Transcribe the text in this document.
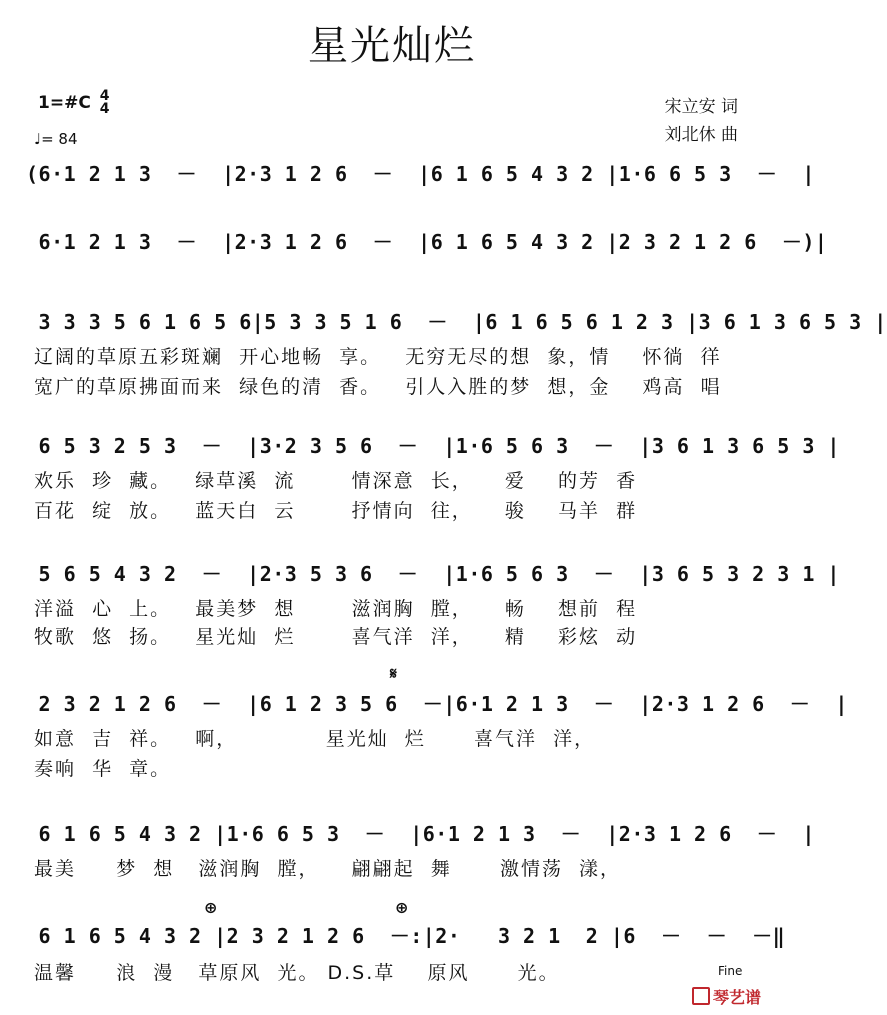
星光灿烂
1=#C 4
4
♩= 84
宋立安 词
刘北休 曲
(6·1 2 1 3  －  |2·3 1 2 6  －  |6 1 6 5 4 3 2 |1·6 6 5 3  －  |
6·1 2 1 3  －  |2·3 1 2 6  －  |6 1 6 5 4 3 2 |2 3 2 1 2 6  －)|
3 3 3 5 6 1 6 5 6|5 3 3 5 1 6  －  |6 1 6 5 6 1 2 3 |3 6 1 3 6 5 3 |
6 5 3 2 5 3  －  |3·2 3 5 6  －  |1·6 5 6 3  －  |3 6 1 3 6 5 3 |
5 6 5 4 3 2  －  |2·3 5 3 6  －  |1·6 5 6 3  －  |3 6 5 3 2 3 1 |
2 3 2 1 2 6  －  |6 1 2 3 5 6  －|6·1 2 1 3  －  |2·3 1 2 6  －  |
6 1 6 5 4 3 2 |1·6 6 5 3  －  |6·1 2 1 3  －  |2·3 1 2 6  －  |
6 1 6 5 4 3 2 |2 3 2 1 2 6  －:|2·   3 2 1  2 |6  －  －  －‖
辽阔的草原五彩斑斓  开心地畅  享。   无穷无尽的想  象，情    怀徜  徉
宽广的草原拂面而来  绿色的清  香。   引人入胜的梦  想，金    鸡高  唱
欢乐  珍  藏。   绿草溪  流       情深意  长，    爱    的芳  香
百花  绽  放。   蓝天白  云       抒情向  往，    骏    马羊  群
洋溢  心  上。   最美梦  想       滋润胸  膛，    畅    想前  程
牧歌  悠  扬。   星光灿  烂       喜气洋  洋，    精    彩炫  动
如意  吉  祥。   啊，           星光灿  烂      喜气洋  洋，
奏响  华  章。
最美     梦  想   滋润胸  膛，    翩翩起  舞      激情荡  漾，
温馨     浪  漫   草原风  光。 D.S.草    原风      光。
𝄋
⊕	⊕
Fine
琴艺谱
